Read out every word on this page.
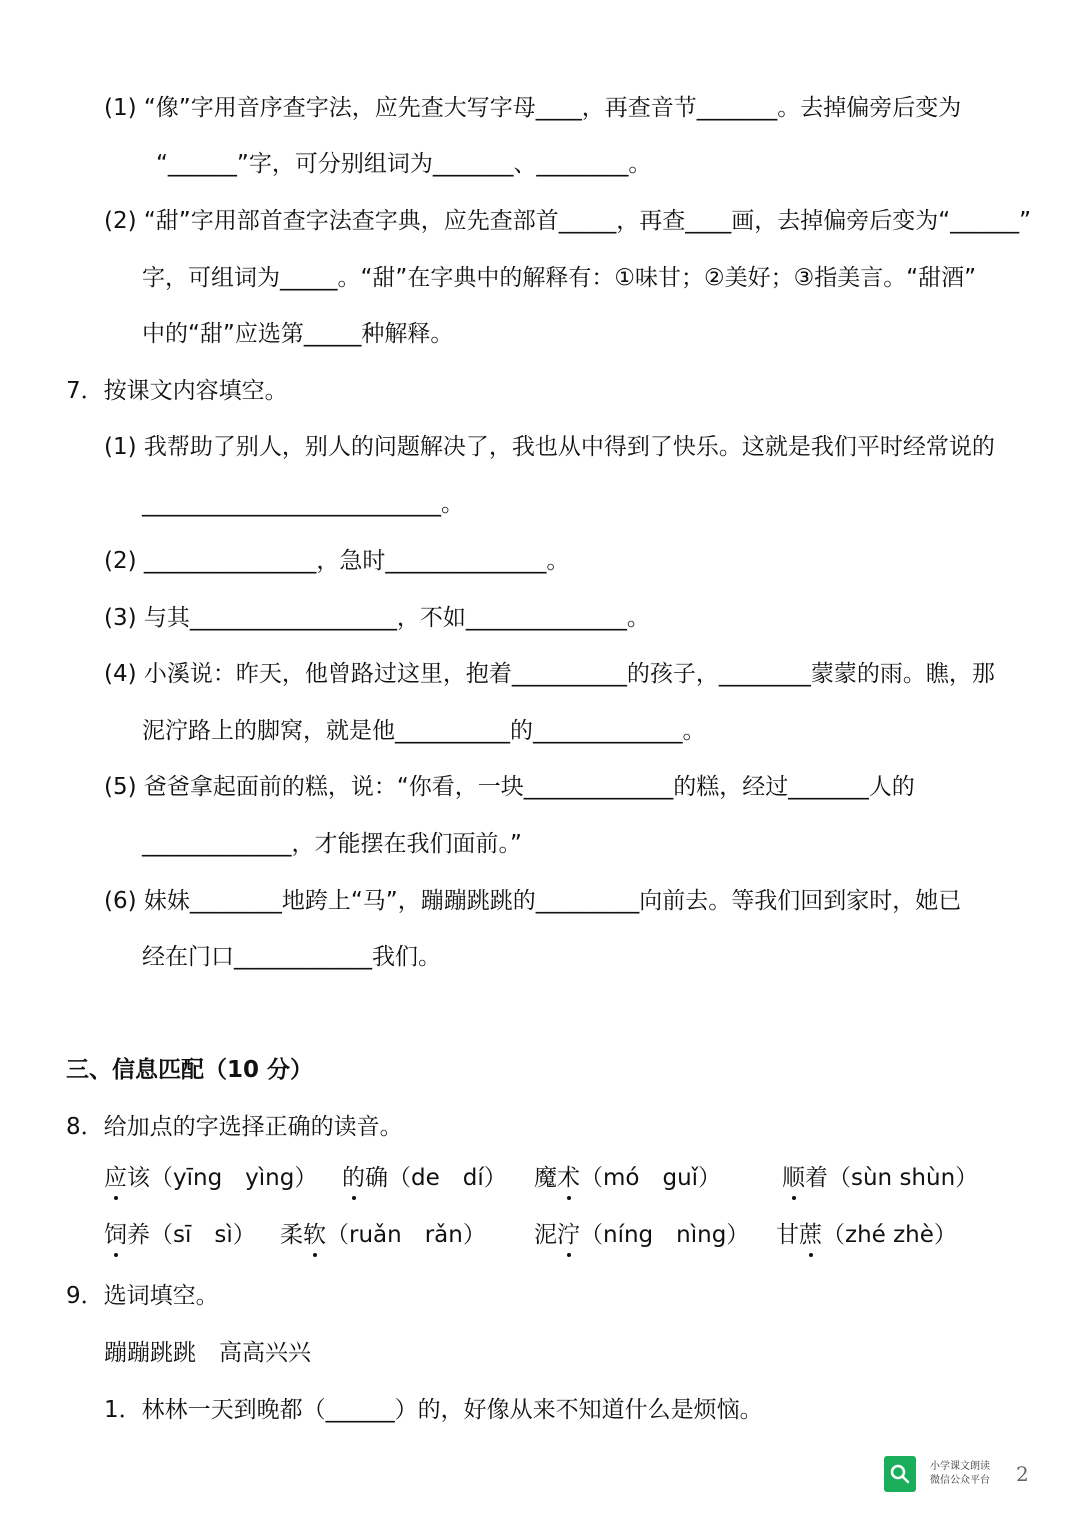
(1) “像”字用音序查字法，应先查大写字母____，再查音节_______。去掉偏旁后变为
“______”字，可分别组词为_______、________。
(2) “甜”字用部首查字法查字典，应先查部首_____，再查____画，去掉偏旁后变为“______”
字，可组词为_____。“甜”在字典中的解释有：①味甘；②美好；③指美言。“甜酒”
中的“甜”应选第_____种解释。
7．按课文内容填空。
(1) 我帮助了别人，别人的问题解决了，我也从中得到了快乐。这就是我们平时经常说的
__________________________。
(2) _______________，急时______________。
(3) 与其__________________，不如______________。
(4) 小溪说：昨天，他曾路过这里，抱着__________的孩子，________蒙蒙的雨。瞧，那
泥泞路上的脚窝，就是他__________的_____________。
(5) 爸爸拿起面前的糕，说：“你看，一块_____________的糕，经过_______人的
_____________，才能摆在我们面前。”
(6) 妹妹________地跨上“马”，蹦蹦跳跳的_________向前去。等我们回到家时，她已
经在门口____________我们。
三、信息匹配（10 分）
8．给加点的字选择正确的读音。
应该（yīng　yìng） 的确（de　dí） 魔术（mó　guǐ）	顺着（sùn shùn）
饲养（sī　sì） 柔软（ruǎn　rǎn） 泥泞（níng　nìng） 甘蔗（zhé zhè）
9．选词填空。
蹦蹦跳跳　高高兴兴
1．林林一天到晚都（______）的，好像从来不知道什么是烦恼。
小学课文朗读
微信公众平台 2
